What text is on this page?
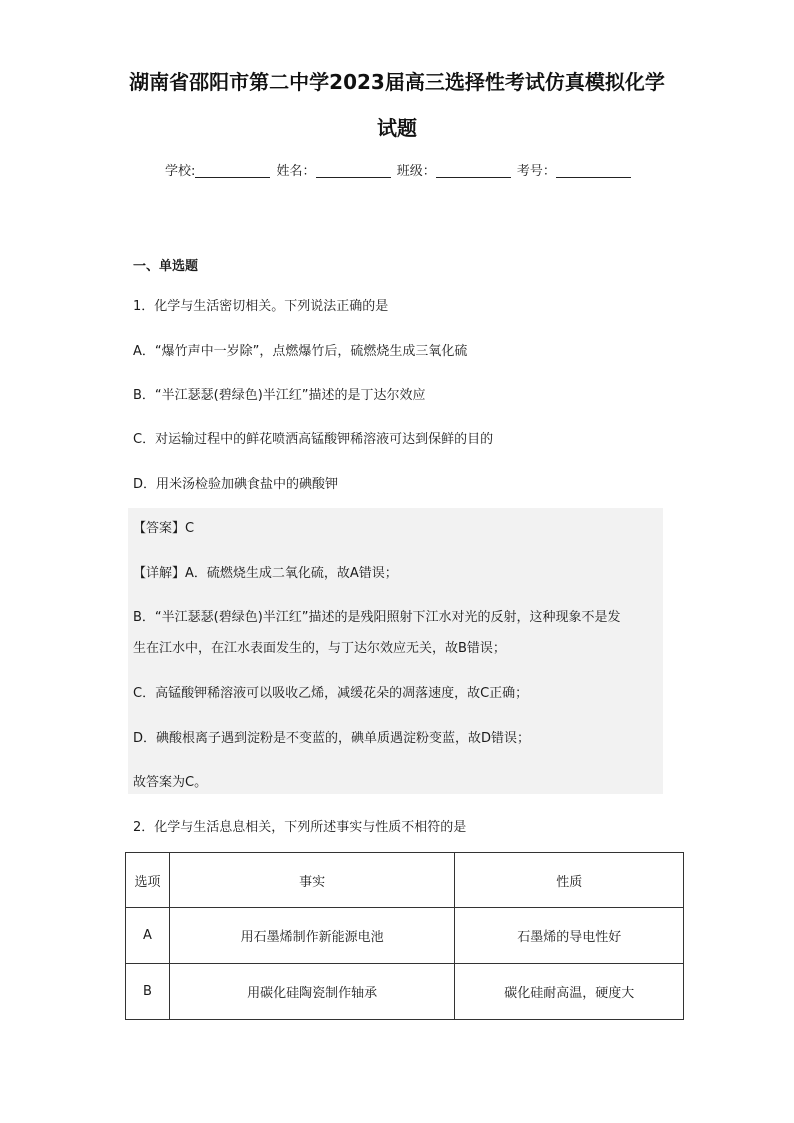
湖南省邵阳市第二中学2023届高三选择性考试仿真模拟化学
试题
学校:	姓名：	班级：	考号：
一、单选题
1．化学与生活密切相关。下列说法正确的是
A．“爆竹声中一岁除”，点燃爆竹后，硫燃烧生成三氧化硫
B．“半江瑟瑟(碧绿色)半江红”描述的是丁达尔效应
C．对运输过程中的鲜花喷洒高锰酸钾稀溶液可达到保鲜的目的
D．用米汤检验加碘食盐中的碘酸钾
【答案】C
【详解】A．硫燃烧生成二氧化硫，故A错误；
B．“半江瑟瑟(碧绿色)半江红”描述的是残阳照射下江水对光的反射，这种现象不是发
生在江水中，在江水表面发生的，与丁达尔效应无关，故B错误；
C．高锰酸钾稀溶液可以吸收乙烯，减缓花朵的凋落速度，故C正确；
D．碘酸根离子遇到淀粉是不变蓝的，碘单质遇淀粉变蓝，故D错误；
故答案为C。
2．化学与生活息息相关，下列所述事实与性质不相符的是
选项	事实	性质
A	用石墨烯制作新能源电池	石墨烯的导电性好
B	用碳化硅陶瓷制作轴承	碳化硅耐高温，硬度大
